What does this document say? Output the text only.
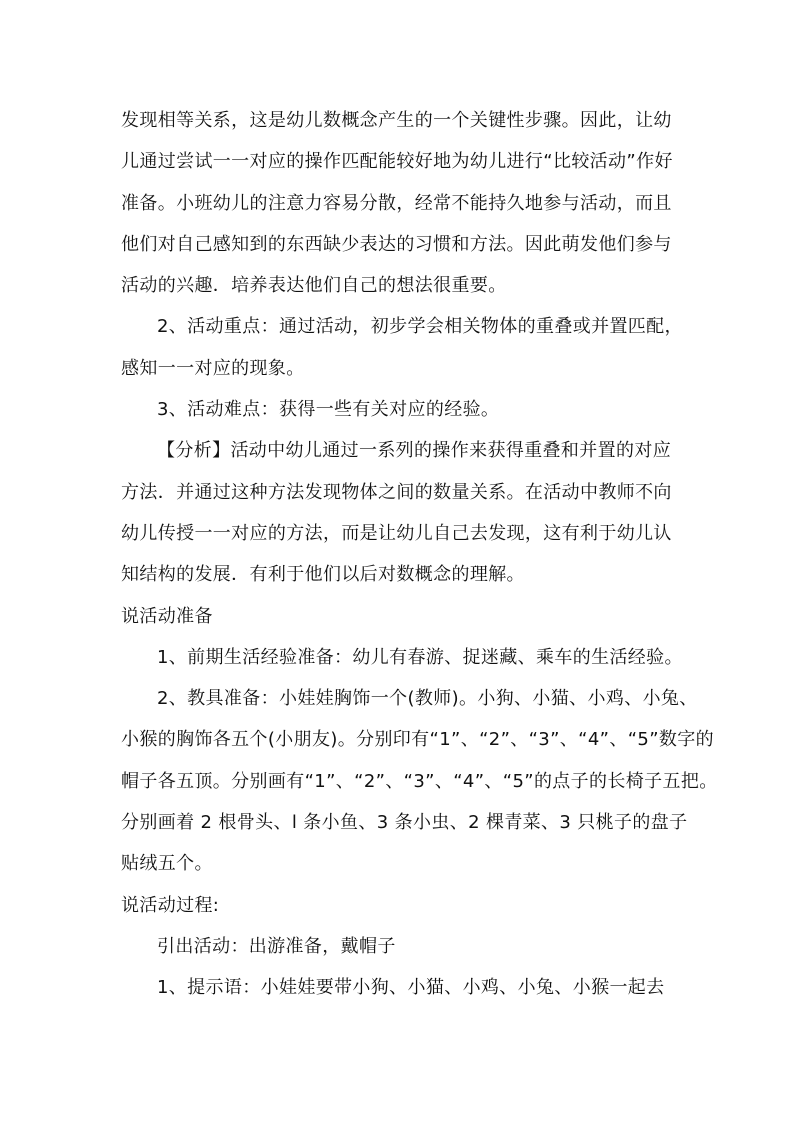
发现相等关系，这是幼儿数概念产生的一个关键性步骤。因此，让幼
儿通过尝试一一对应的操作匹配能较好地为幼儿进行“比较活动”作好
准备。小班幼儿的注意力容易分散，经常不能持久地参与活动，而且
他们对自己感知到的东西缺少表达的习惯和方法。因此萌发他们参与
活动的兴趣．培养表达他们自己的想法很重要。
2、活动重点：通过活动，初步学会相关物体的重叠或并置匹配，
感知一一对应的现象。
3、活动难点：获得一些有关对应的经验。
【分析】活动中幼儿通过一系列的操作来获得重叠和并置的对应
方法．并通过这种方法发现物体之间的数量关系。在活动中教师不向
幼儿传授一一对应的方法，而是让幼儿自己去发现，这有利于幼儿认
知结构的发展．有利于他们以后对数概念的理解。
说活动准备
1、前期生活经验准备：幼儿有春游、捉迷藏、乘车的生活经验。
2、教具准备：小娃娃胸饰一个(教师)。小狗、小猫、小鸡、小兔、
小猴的胸饰各五个(小朋友)。分别印有“1”、“2”、“3”、“4”、“5”数字的
帽子各五顶。分别画有“1”、“2”、“3”、“4”、“5”的点子的长椅子五把。
分别画着 2 根骨头、l 条小鱼、3 条小虫、2 棵青菜、3 只桃子的盘子
贴绒五个。
说活动过程:
引出活动：出游准备，戴帽子
1、提示语：小娃娃要带小狗、小猫、小鸡、小兔、小猴一起去
